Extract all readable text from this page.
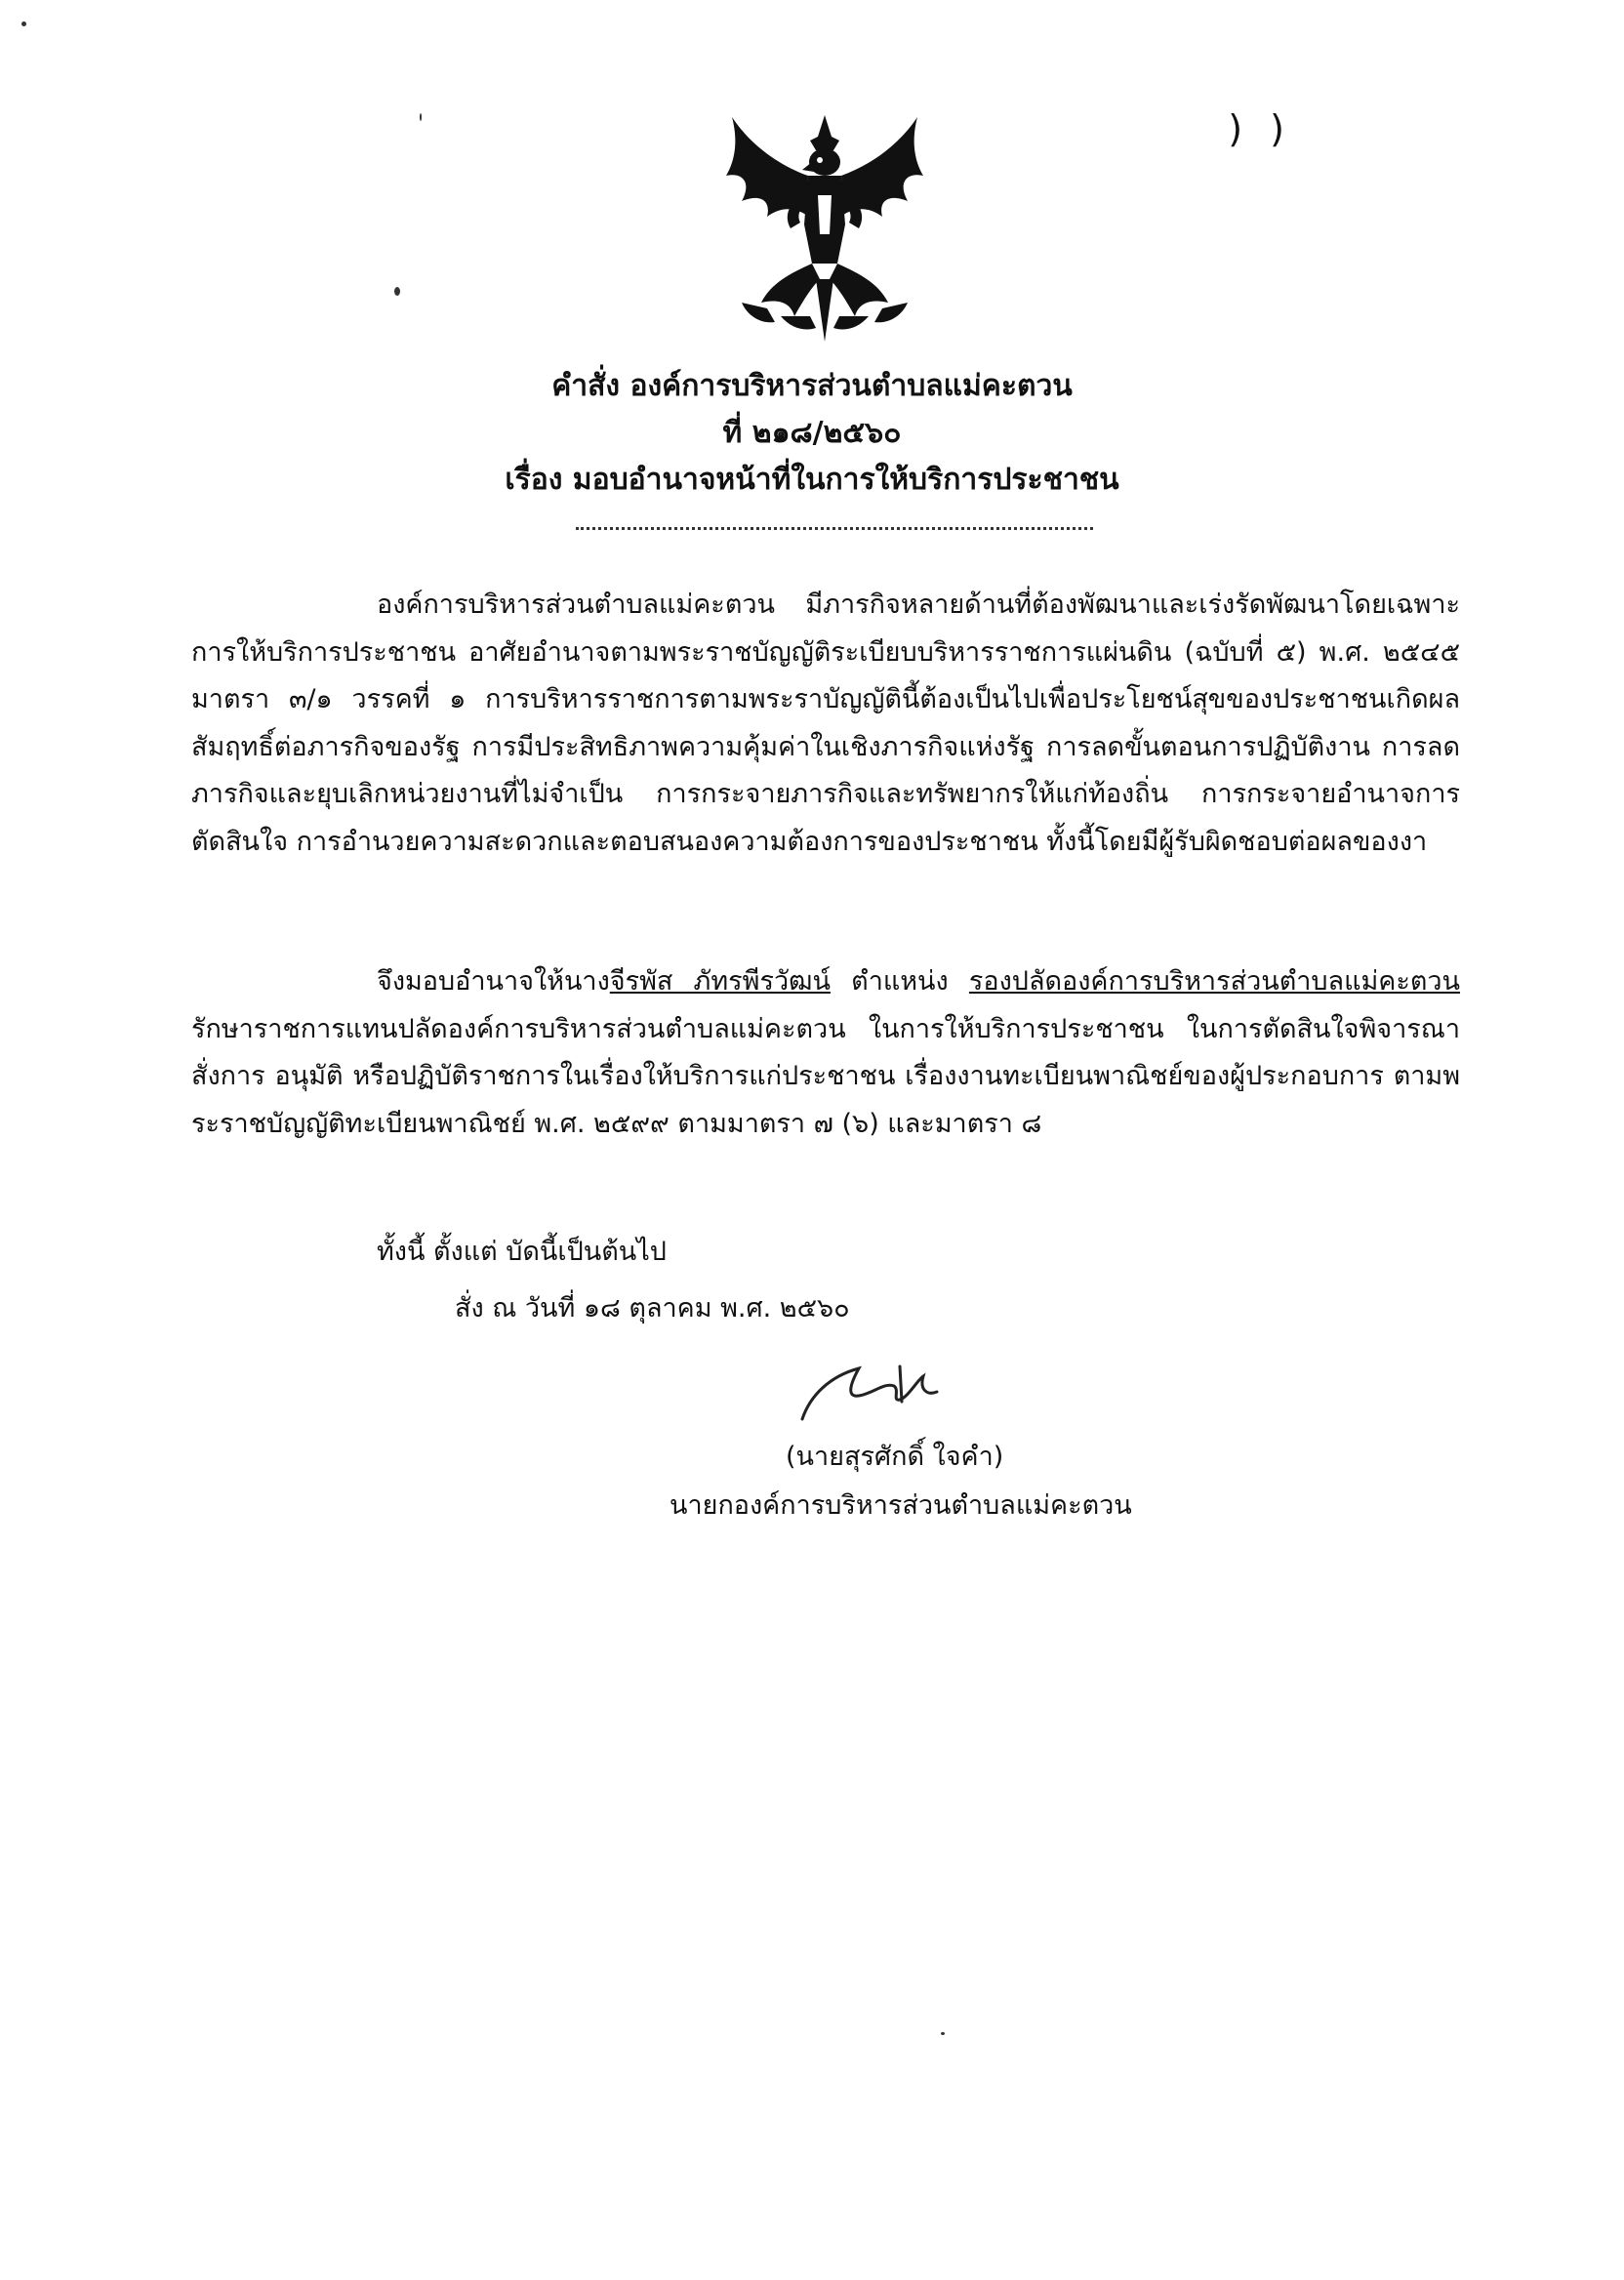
) )
คำสั่ง องค์การบริหารส่วนตำบลแม่คะตวน
ที่ ๒๑๘/๒๕๖๐
เรื่อง มอบอำนาจหน้าที่ในการให้บริการประชาชน
องค์การบริหารส่วนตำบลแม่คะตวน มีภารกิจหลายด้านที่ต้องพัฒนาและเร่งรัดพัฒนาโดยเฉพาะการให้บริการประชาชน อาศัยอำนาจตามพระราชบัญญัติระเบียบบริหารราชการแผ่นดิน (ฉบับที่ ๕) พ.ศ. ๒๕๔๕ มาตรา ๓/๑ วรรคที่ ๑ การบริหารราชการตามพระราบัญญัตินี้ต้องเป็นไปเพื่อประโยชน์สุขของประชาชนเกิดผลสัมฤทธิ์ต่อภารกิจของรัฐ การมีประสิทธิภาพความคุ้มค่าในเชิงภารกิจแห่งรัฐ การลดขั้นตอนการปฏิบัติงาน การลดภารกิจและยุบเลิกหน่วยงานที่ไม่จำเป็น การกระจายภารกิจและทรัพยากรให้แก่ท้องถิ่น การกระจายอำนาจการตัดสินใจ การอำนวยความสะดวกและตอบสนองความต้องการของประชาชน ทั้งนี้โดยมีผู้รับผิดชอบต่อผลของงา
จึงมอบอำนาจให้นางจีรพัส ภัทรพีรวัฒน์ ตำแหน่ง รองปลัดองค์การบริหารส่วนตำบลแม่คะตวน รักษาราชการแทนปลัดองค์การบริหารส่วนตำบลแม่คะตวน ในการให้บริการประชาชน ในการตัดสินใจพิจารณา สั่งการ อนุมัติ หรือปฏิบัติราชการในเรื่องให้บริการแก่ประชาชน เรื่องงานทะเบียนพาณิชย์ของผู้ประกอบการ ตามพระราชบัญญัติทะเบียนพาณิชย์ พ.ศ. ๒๕๙๙ ตามมาตรา ๗ (๖) และมาตรา ๘
ทั้งนี้ ตั้งแต่ บัดนี้เป็นต้นไป
สั่ง ณ วันที่ ๑๘ ตุลาคม พ.ศ. ๒๕๖๐
(นายสุรศักดิ์ ใจคำ)
นายกองค์การบริหารส่วนตำบลแม่คะตวน
